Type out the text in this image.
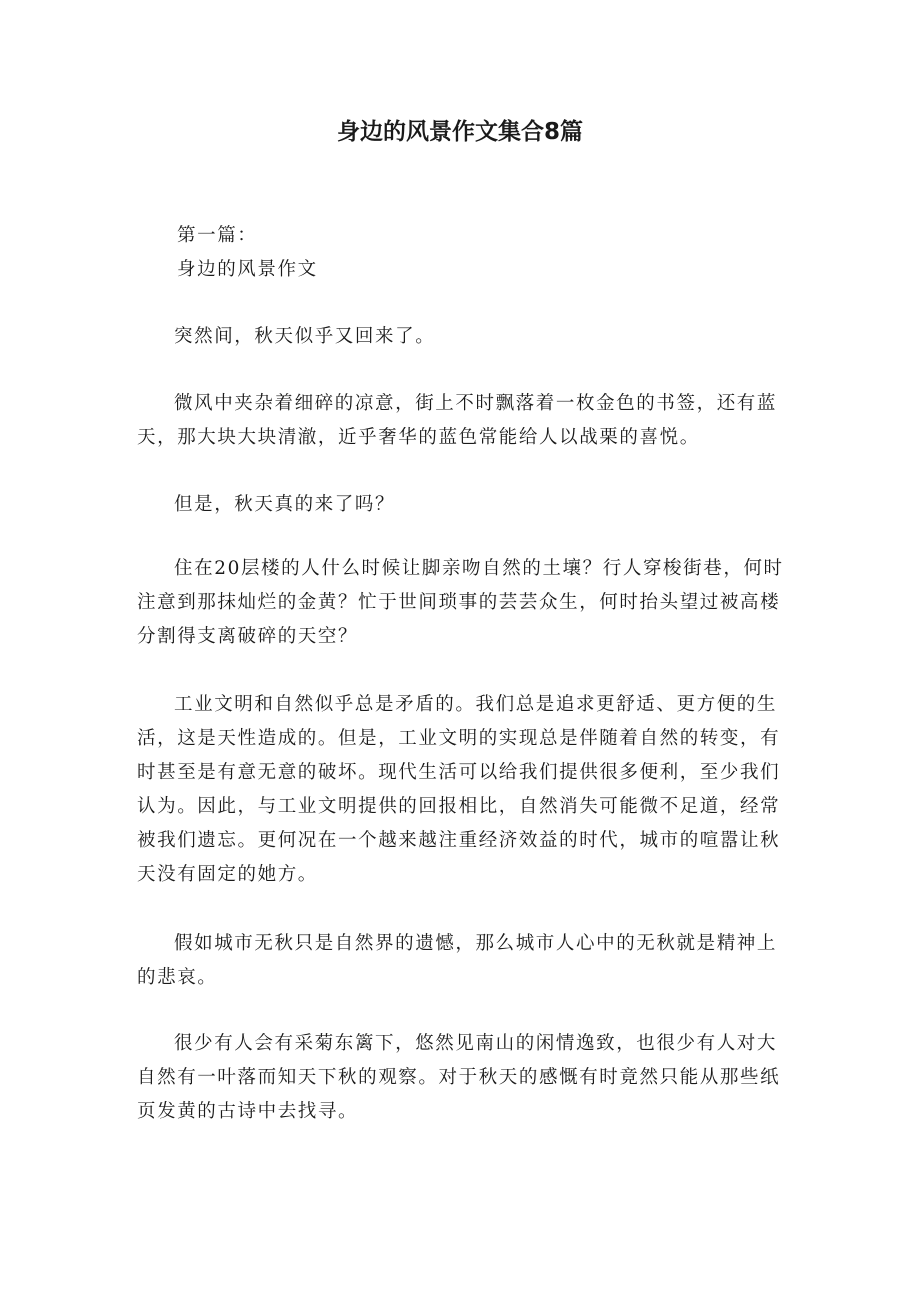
身边的风景作文集合8篇
第一篇：
身边的风景作文
突然间，秋天似乎又回来了。
微风中夹杂着细碎的凉意，街上不时飘落着一枚金色的书签，还有蓝天，那大块大块清澈，近乎奢华的蓝色常能给人以战栗的喜悦。
但是，秋天真的来了吗？
住在20层楼的人什么时候让脚亲吻自然的土壤？行人穿梭街巷，何时注意到那抹灿烂的金黄？忙于世间琐事的芸芸众生，何时抬头望过被高楼分割得支离破碎的天空？
工业文明和自然似乎总是矛盾的。我们总是追求更舒适、更方便的生活，这是天性造成的。但是，工业文明的实现总是伴随着自然的转变，有时甚至是有意无意的破坏。现代生活可以给我们提供很多便利，至少我们认为。因此，与工业文明提供的回报相比，自然消失可能微不足道，经常被我们遗忘。更何况在一个越来越注重经济效益的时代，城市的喧嚣让秋天没有固定的她方。
假如城市无秋只是自然界的遗憾，那么城市人心中的无秋就是精神上的悲哀。
很少有人会有采菊东篱下，悠然见南山的闲情逸致，也很少有人对大自然有一叶落而知天下秋的观察。对于秋天的感慨有时竟然只能从那些纸页发黄的古诗中去找寻。
